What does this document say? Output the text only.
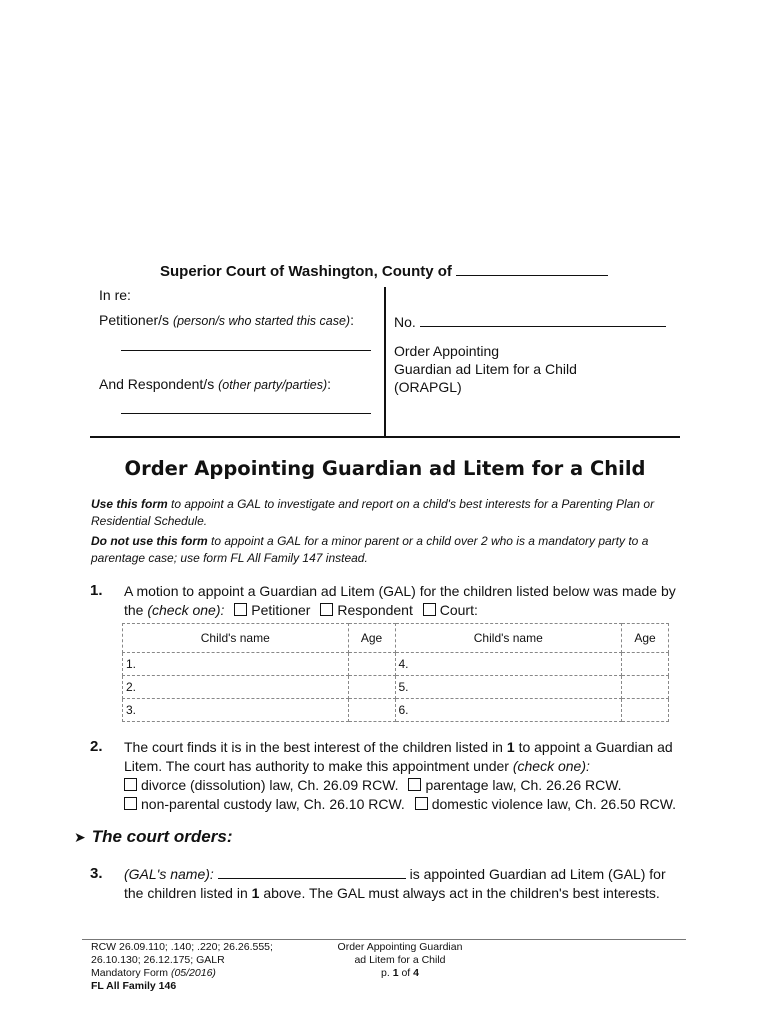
Superior Court of Washington, County of
In re:
Petitioner/s (person/s who started this case):
And Respondent/s (other party/parties):
No.
Order Appointing
Guardian ad Litem for a Child
(ORAPGL)
Order Appointing Guardian ad Litem for a Child
Use this form to appoint a GAL to investigate and report on a child's best interests for a Parenting Plan or Residential Schedule.
Do not use this form to appoint a GAL for a minor parent or a child over 2 who is a mandatory party to a parentage case; use form FL All Family 147 instead.
1. A motion to appoint a Guardian ad Litem (GAL) for the children listed below was made by
the (check one): Petitioner Respondent Court:
Child's name	Age	Child's name	Age
1.		4.	
2.		5.	
3.		6.	
2. The court finds it is in the best interest of the children listed in 1 to appoint a Guardian ad
Litem. The court has authority to make this appointment under (check one):
divorce (dissolution) law, Ch. 26.09 RCW. parentage law, Ch. 26.26 RCW.
non-parental custody law, Ch. 26.10 RCW. domestic violence law, Ch. 26.50 RCW.
➤ The court orders:
3. (GAL's name):	is appointed Guardian ad Litem (GAL) for
the children listed in 1 above. The GAL must always act in the children's best interests.
RCW 26.09.110; .140; .220; 26.26.555;
26.10.130; 26.12.175; GALR
Mandatory Form (05/2016)
FL All Family 146
Order Appointing Guardian
ad Litem for a Child
p. 1 of 4
